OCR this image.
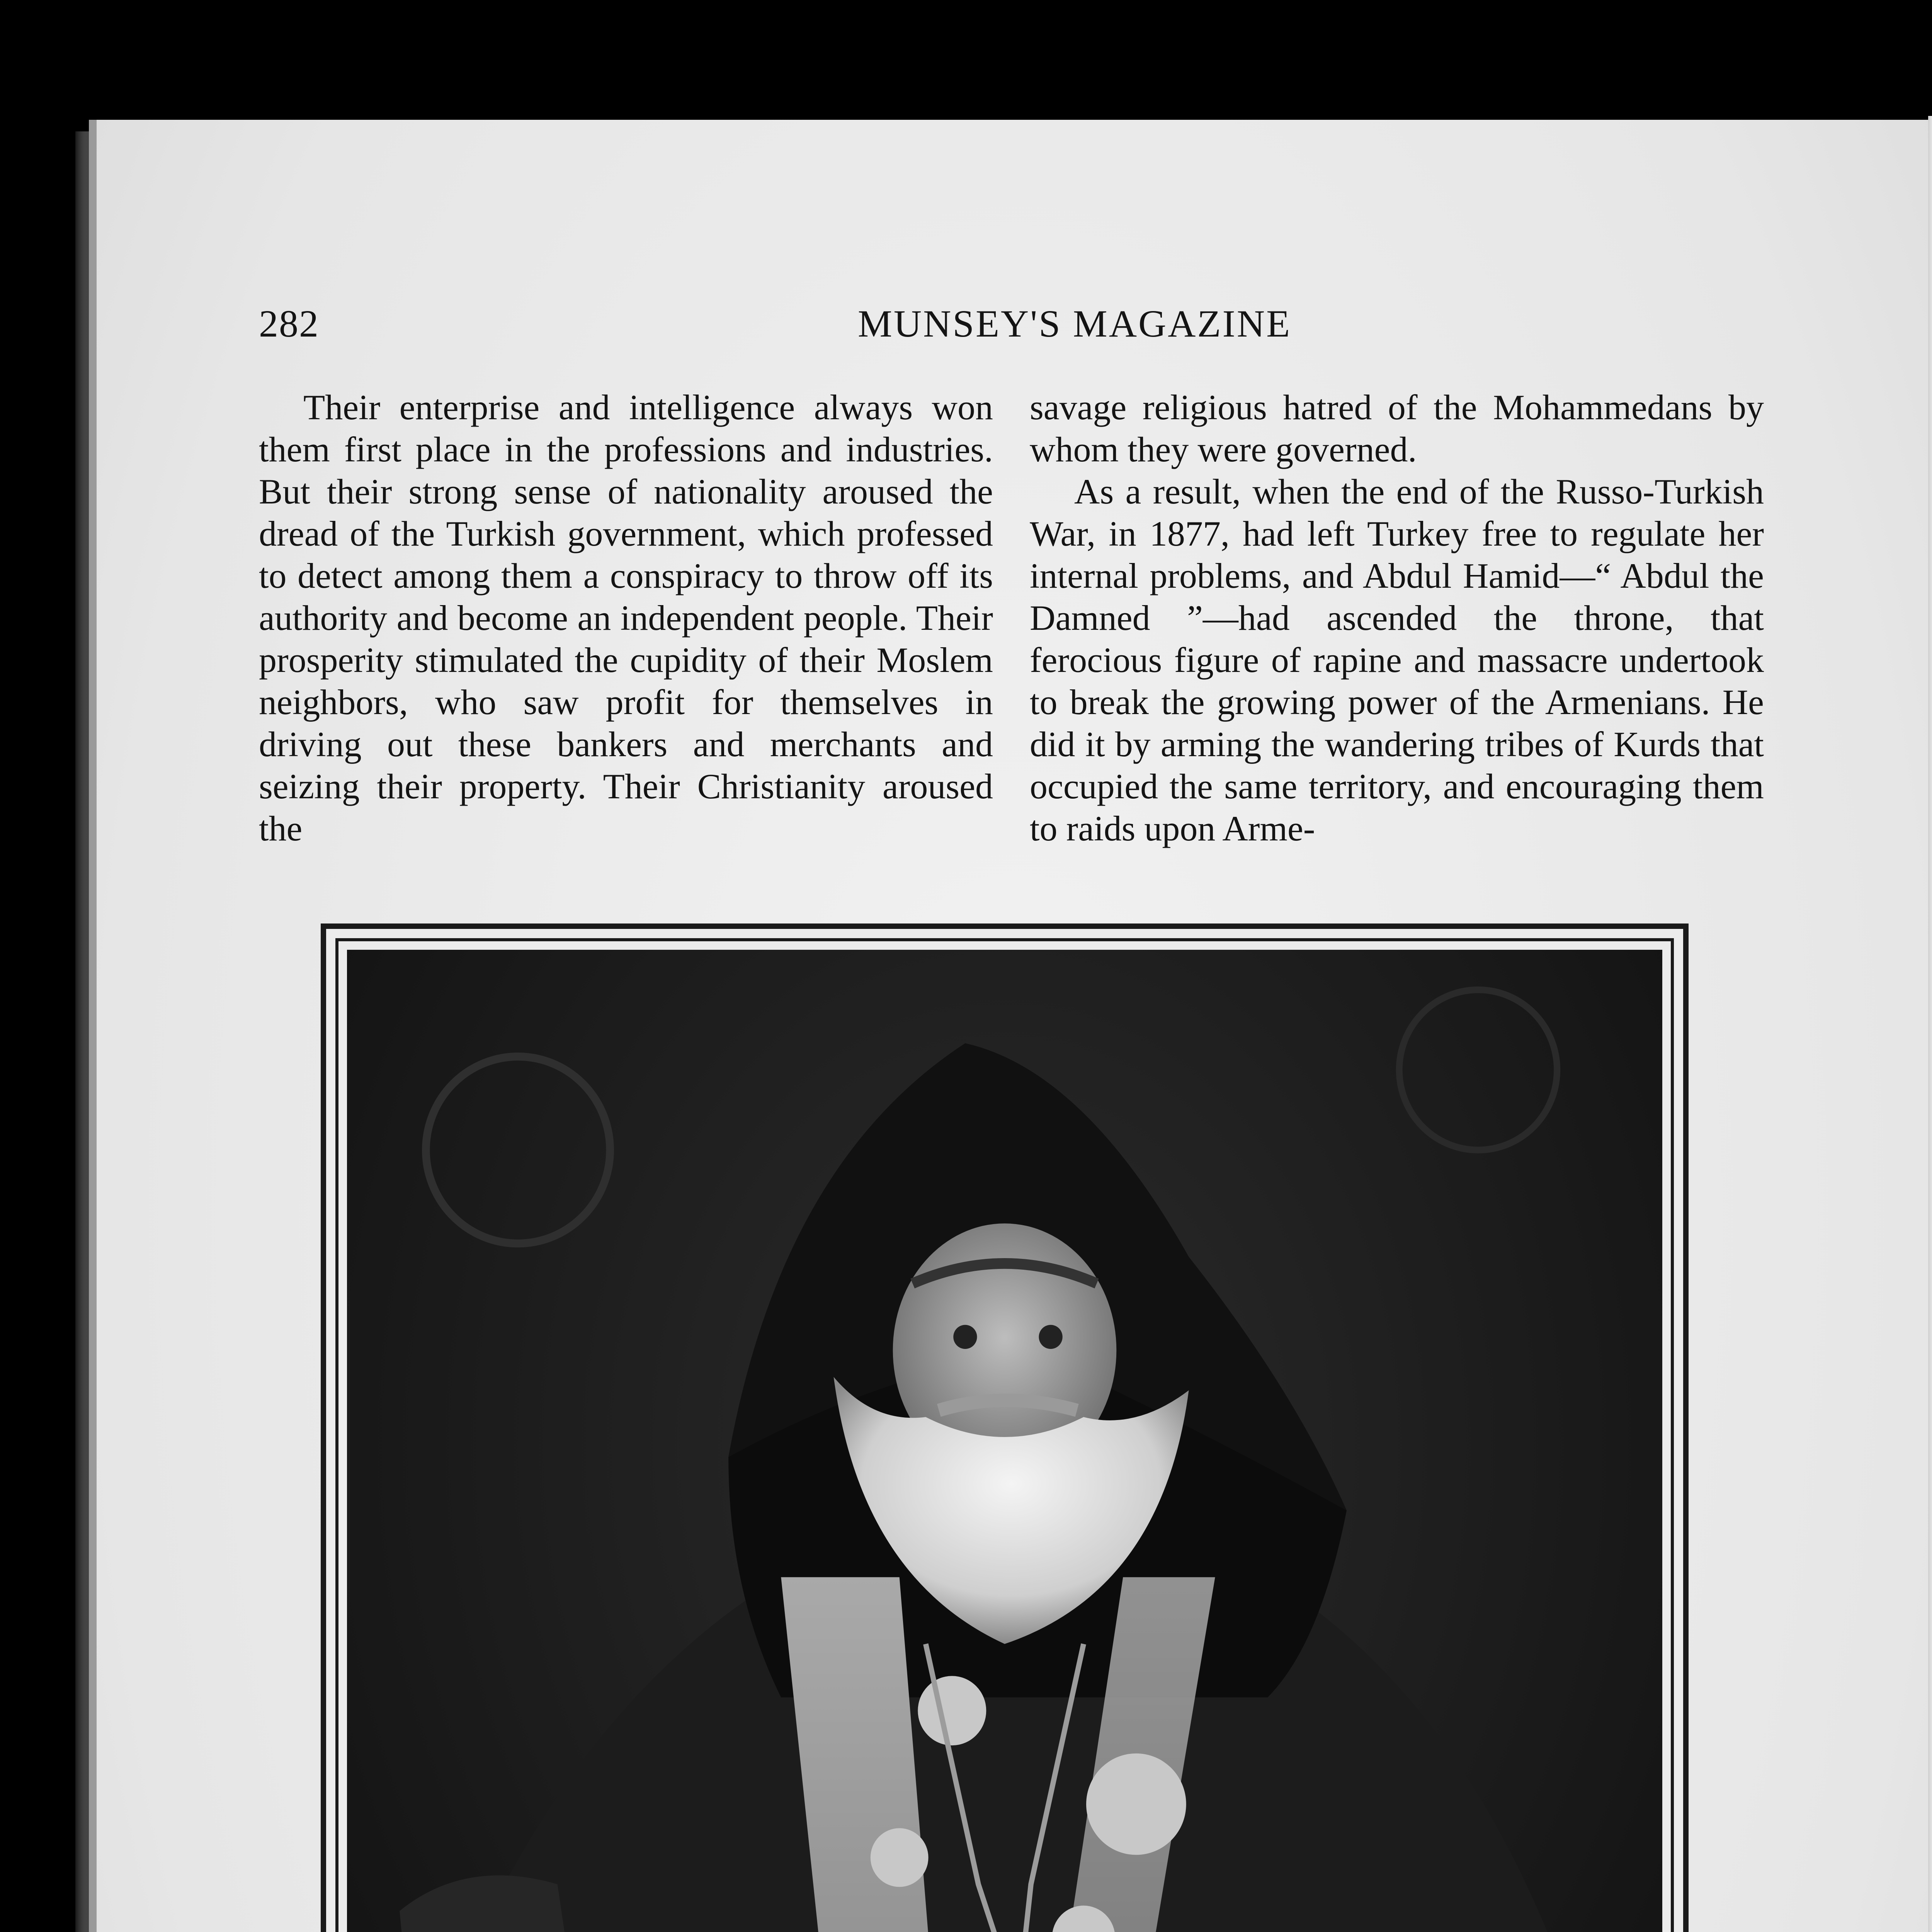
282	MUNSEY'S MAGAZINE

Their enterprise and intelligence always won them first place in the professions and industries. But their strong sense of nationality aroused the dread of the Turkish government, which professed to detect among them a conspiracy to throw off its authority and become an independent people. Their prosperity stimulated the cupidity of their Moslem neighbors, who saw profit for themselves in driving out these bankers and merchants and seizing their property. Their Christianity aroused the

savage religious hatred of the Mohammedans by whom they were governed.

As a result, when the end of the Russo-Turkish War, in 1877, had left Turkey free to regulate her internal problems, and Abdul Hamid—“ Abdul the Damned ”—had ascended the throne, that ferocious figure of rapine and massacre undertook to break the growing power of the Armenians. He did it by arming the wandering tribes of Kurds that occupied the same territory, and encouraging them to raids upon Arme-
